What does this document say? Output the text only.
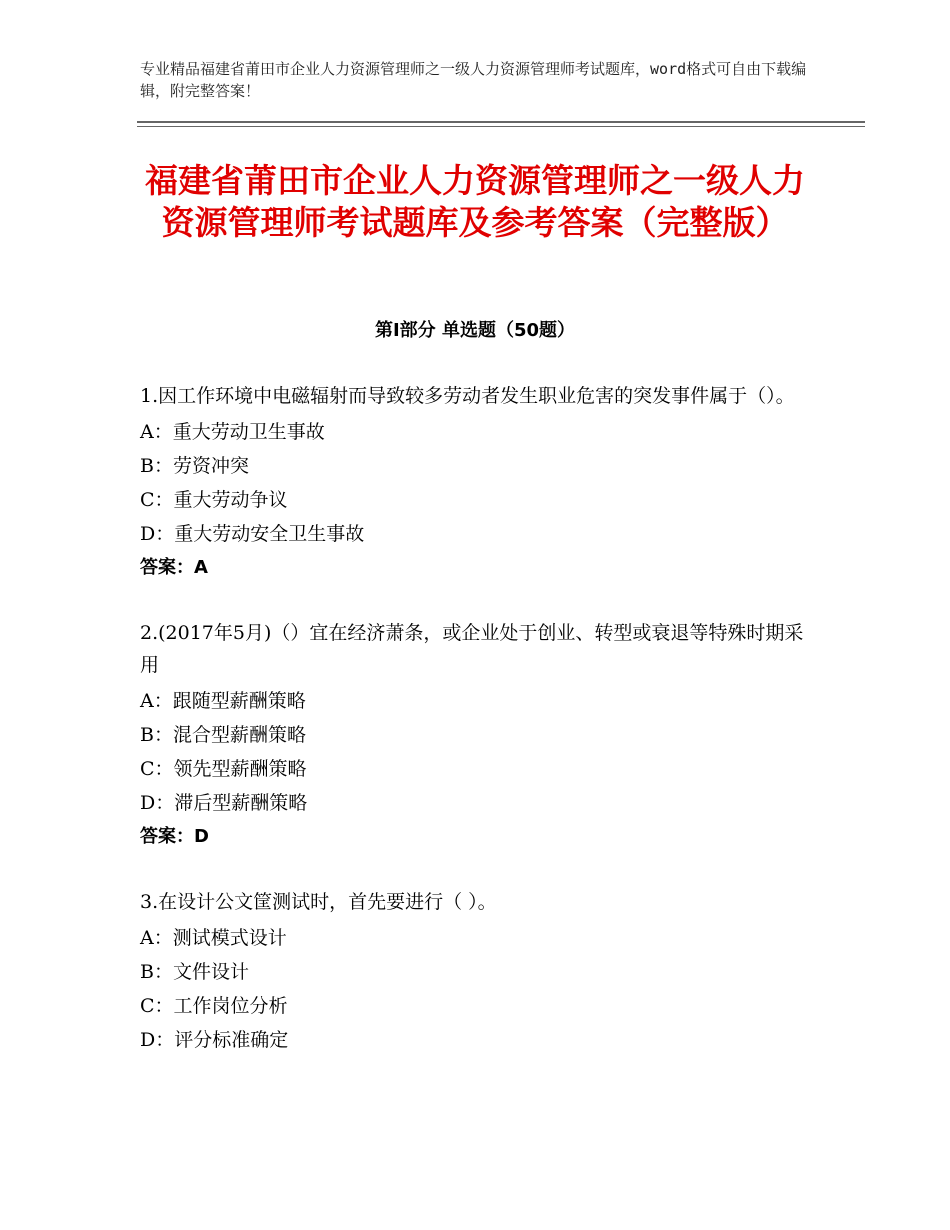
专业精品福建省莆田市企业人力资源管理师之一级人力资源管理师考试题库，word格式可自由下载编辑，附完整答案！
福建省莆田市企业人力资源管理师之一级人力资源管理师考试题库及参考答案（完整版）
第Ⅰ部分 单选题（50题）
1.因工作环境中电磁辐射而导致较多劳动者发生职业危害的突发事件属于（）。
A：重大劳动卫生事故
B：劳资冲突
C：重大劳动争议
D：重大劳动安全卫生事故
答案：A
2.(2017年5月)（）宜在经济萧条，或企业处于创业、转型或衰退等特殊时期采用
A：跟随型薪酬策略
B：混合型薪酬策略
C：领先型薪酬策略
D：滞后型薪酬策略
答案：D
3.在设计公文筐测试时，首先要进行（ ）。
A：测试模式设计
B：文件设计
C：工作岗位分析
D：评分标准确定
